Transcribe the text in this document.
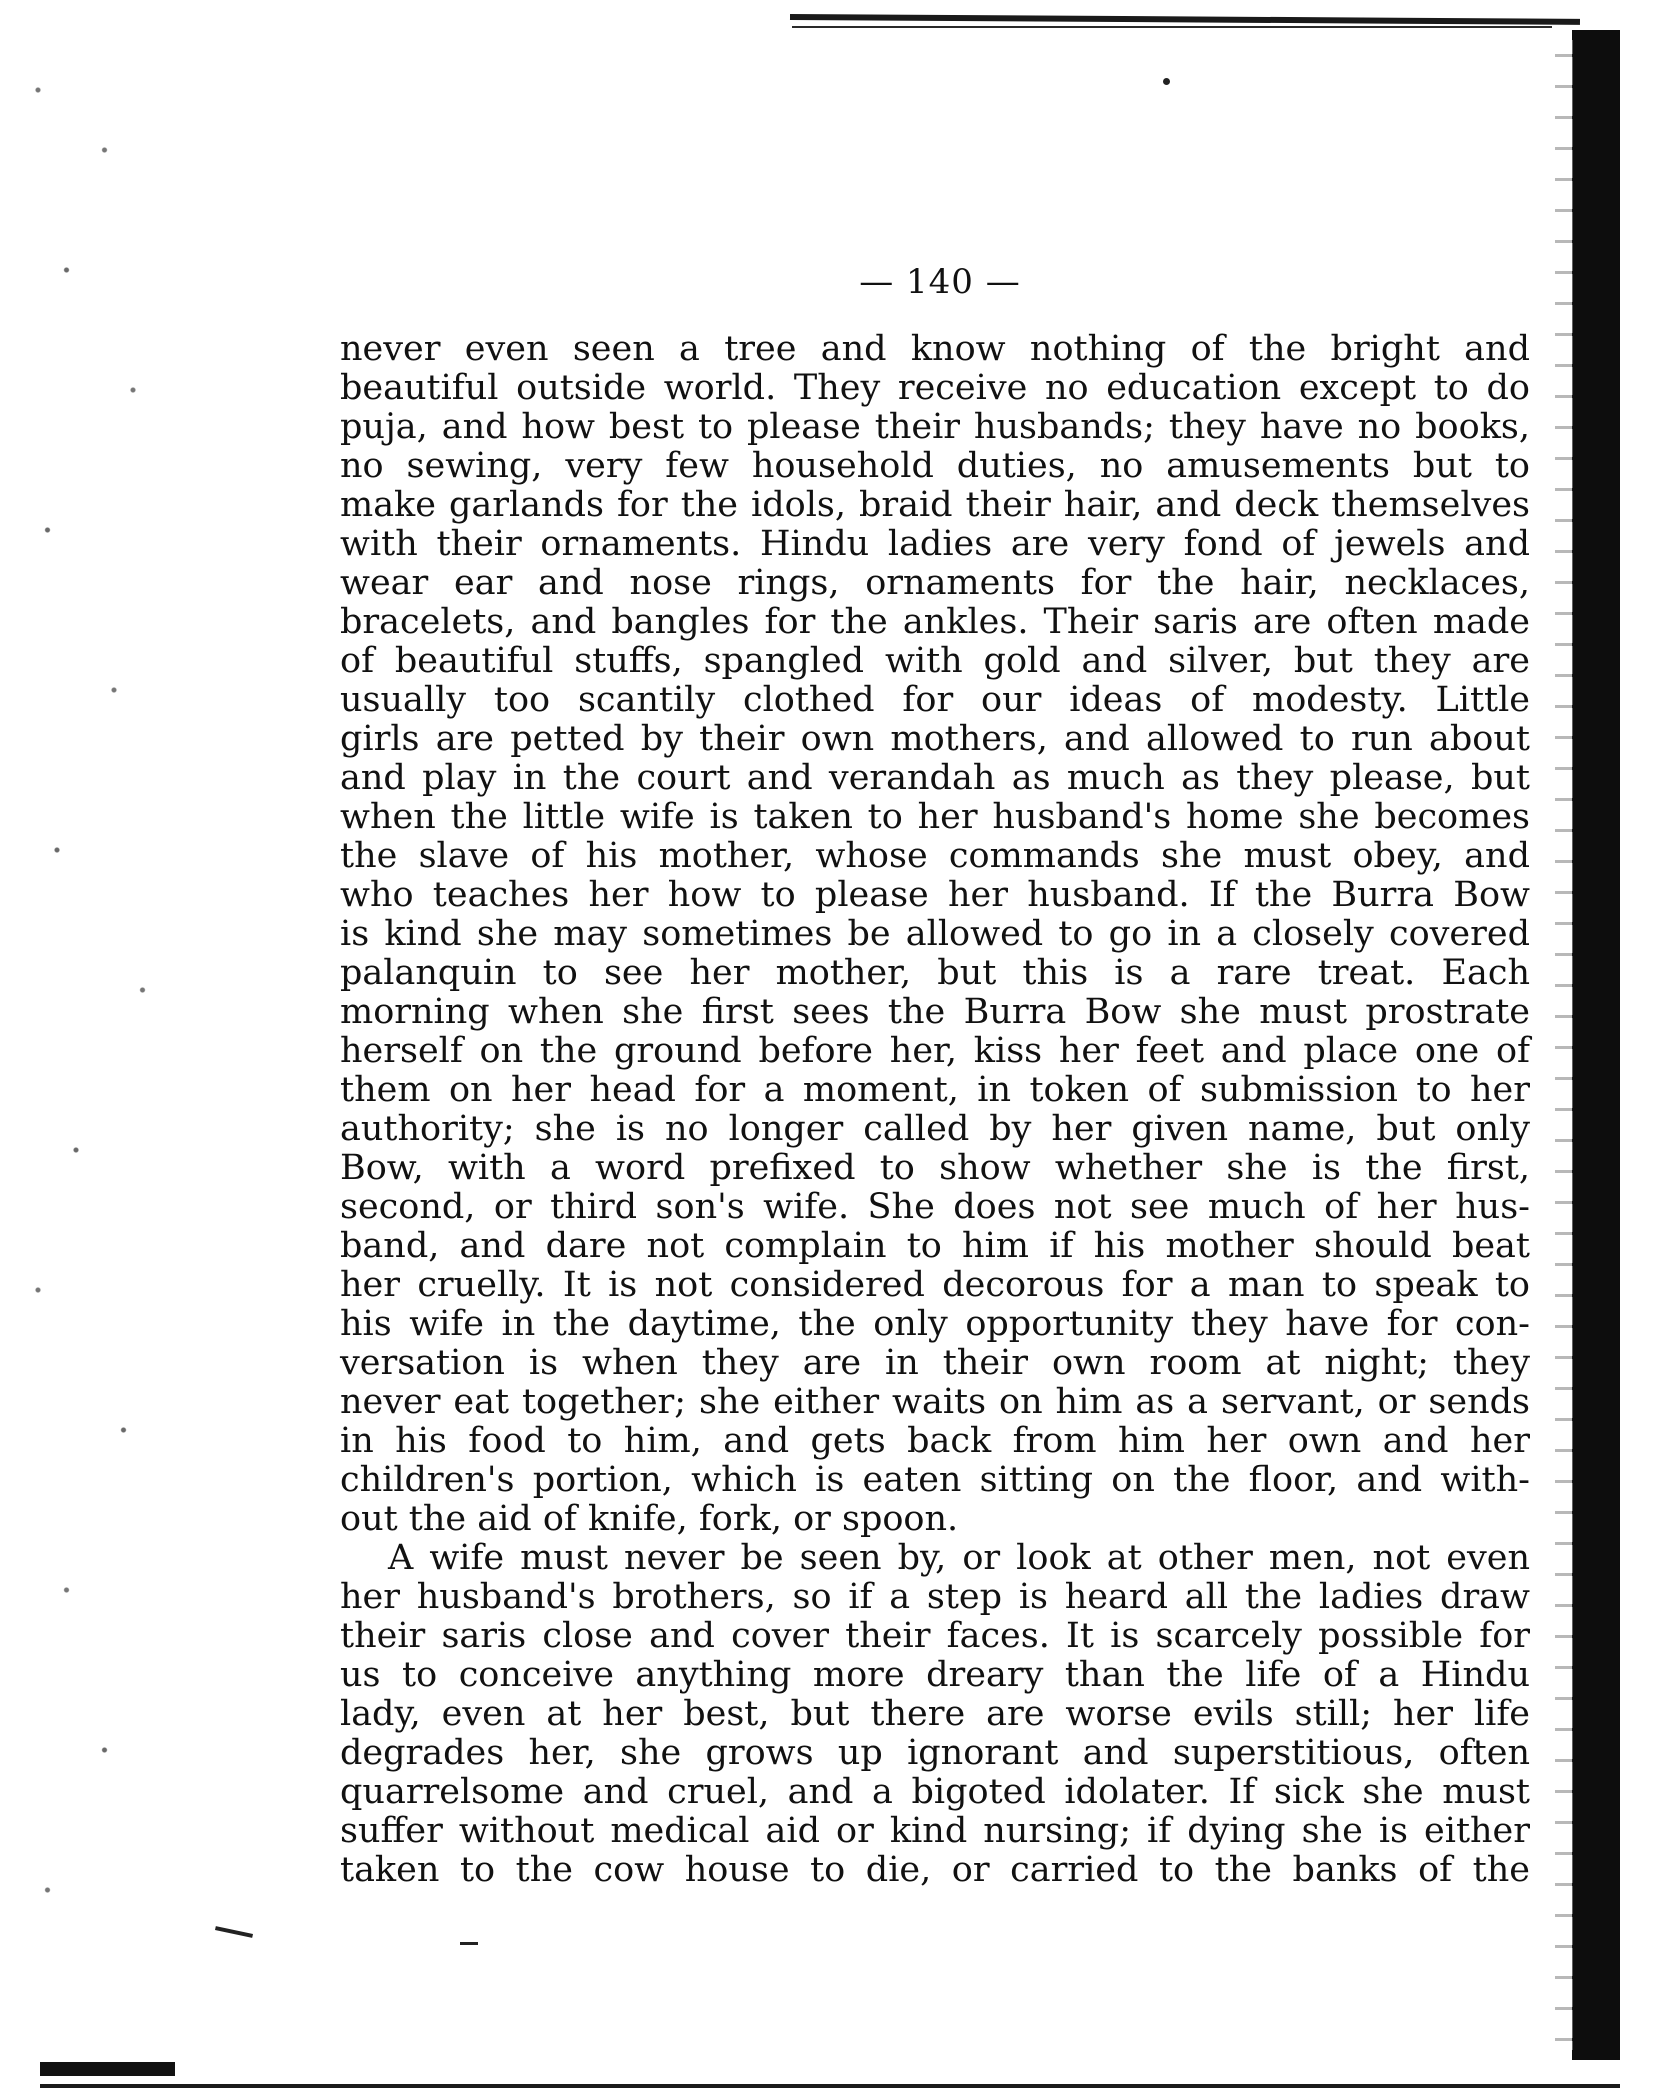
— 140 —
never even seen a tree and know nothing of the bright and
beautiful outside world. They receive no education except to do
puja, and how best to please their husbands; they have no books,
no sewing, very few household duties, no amusements but to
make garlands for the idols, braid their hair, and deck themselves
with their ornaments. Hindu ladies are very fond of jewels and
wear ear and nose rings, ornaments for the hair, necklaces,
bracelets, and bangles for the ankles. Their saris are often made
of beautiful stuffs, spangled with gold and silver, but they are
usually too scantily clothed for our ideas of modesty. Little
girls are petted by their own mothers, and allowed to run about
and play in the court and verandah as much as they please, but
when the little wife is taken to her husband's home she becomes
the slave of his mother, whose commands she must obey, and
who teaches her how to please her husband. If the Burra Bow
is kind she may sometimes be allowed to go in a closely covered
palanquin to see her mother, but this is a rare treat. Each
morning when she first sees the Burra Bow she must prostrate
herself on the ground before her, kiss her feet and place one of
them on her head for a moment, in token of submission to her
authority; she is no longer called by her given name, but only
Bow, with a word prefixed to show whether she is the first,
second, or third son's wife. She does not see much of her hus-
band, and dare not complain to him if his mother should beat
her cruelly. It is not considered decorous for a man to speak to
his wife in the daytime, the only opportunity they have for con-
versation is when they are in their own room at night; they
never eat together; she either waits on him as a servant, or sends
in his food to him, and gets back from him her own and her
children's portion, which is eaten sitting on the floor, and with-
out the aid of knife, fork, or spoon.
A wife must never be seen by, or look at other men, not even
her husband's brothers, so if a step is heard all the ladies draw
their saris close and cover their faces. It is scarcely possible for
us to conceive anything more dreary than the life of a Hindu
lady, even at her best, but there are worse evils still; her life
degrades her, she grows up ignorant and superstitious, often
quarrelsome and cruel, and a bigoted idolater. If sick she must
suffer without medical aid or kind nursing; if dying she is either
taken to the cow house to die, or carried to the banks of the
